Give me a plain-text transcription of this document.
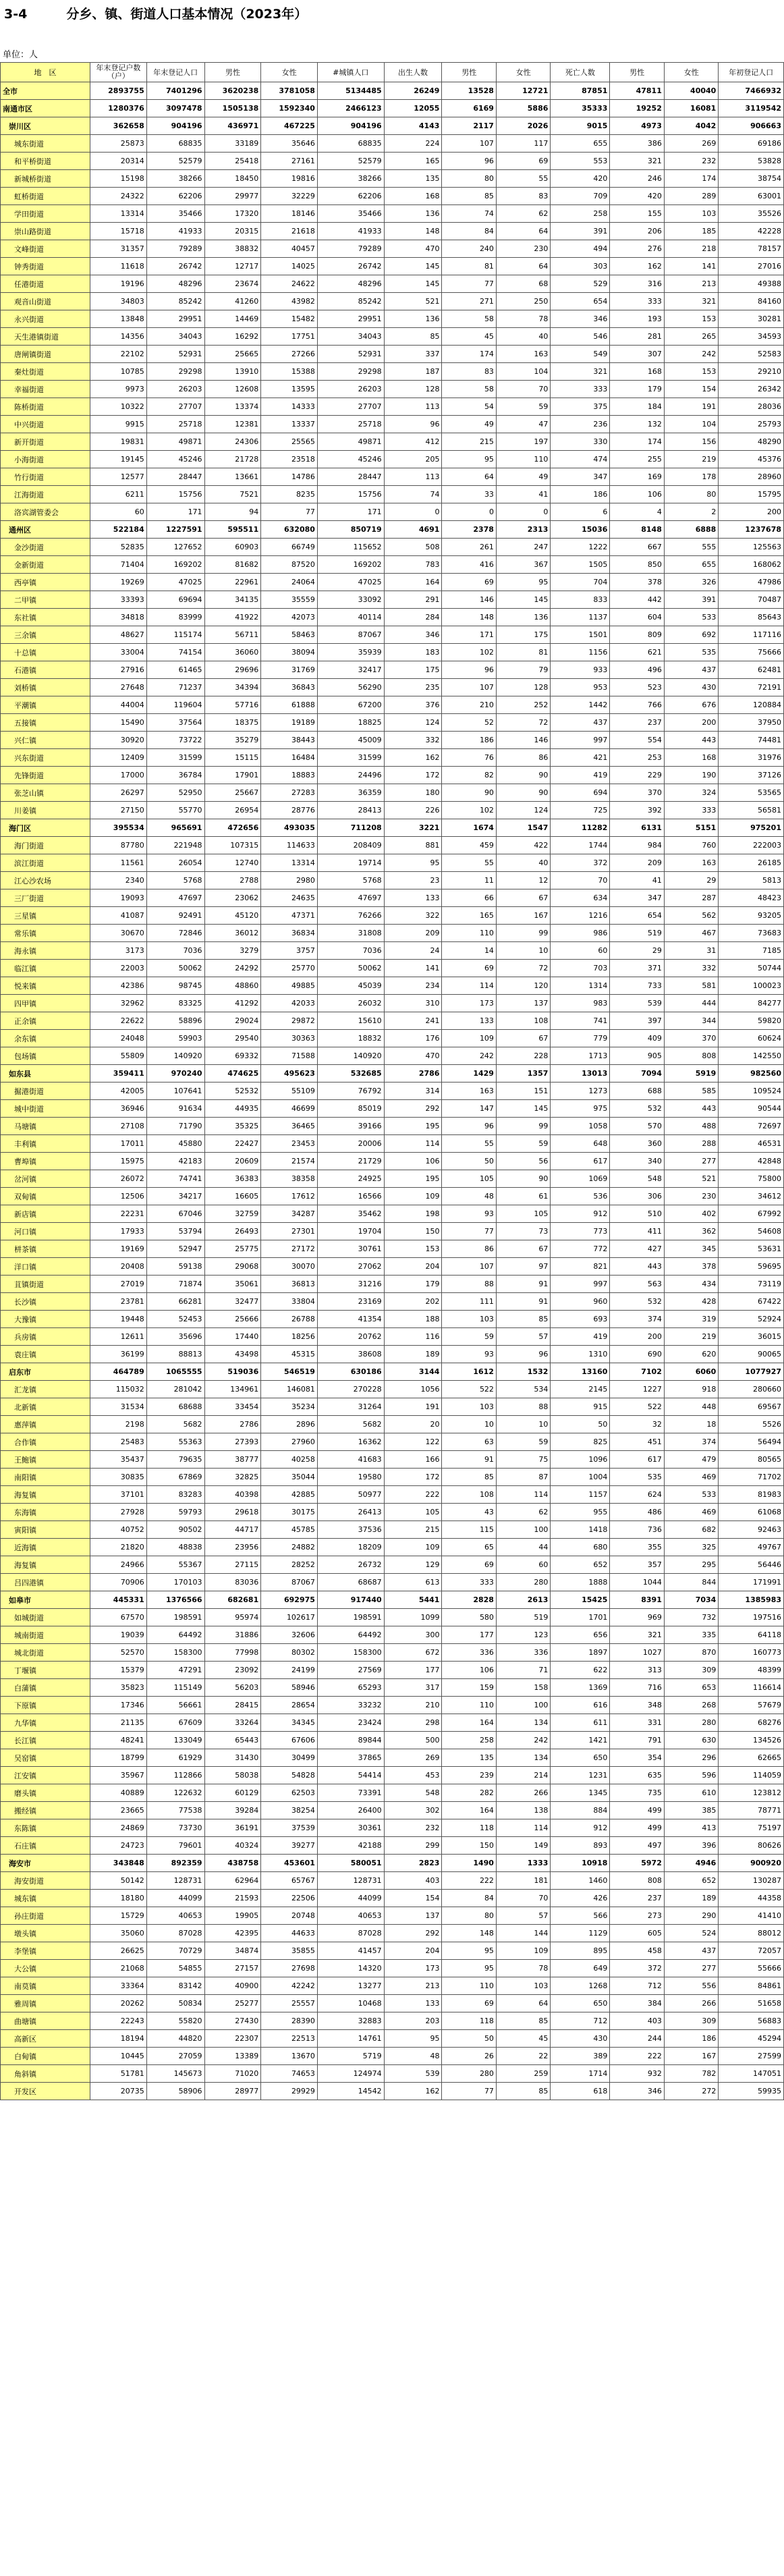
3-4	分乡、镇、街道人口基本情况（2023年）
单位：人
地　区	年末登记户数（户）	年末登记人口	男性	女性	#城镇人口	出生人数	男性	女性	死亡人数	男性	女性	年初登记人口

全市	2893755	7401296	3620238	3781058	5134485	26249	13528	12721	87851	47811	40040	7466932
南通市区	1280376	3097478	1505138	1592340	2466123	12055	6169	5886	35333	19252	16081	3119542
崇川区	362658	904196	436971	467225	904196	4143	2117	2026	9015	4973	4042	906663
城东街道	25873	68835	33189	35646	68835	224	107	117	655	386	269	69186
和平桥街道	20314	52579	25418	27161	52579	165	96	69	553	321	232	53828
新城桥街道	15198	38266	18450	19816	38266	135	80	55	420	246	174	38754
虹桥街道	24322	62206	29977	32229	62206	168	85	83	709	420	289	63001
学田街道	13314	35466	17320	18146	35466	136	74	62	258	155	103	35526
崇山路街道	15718	41933	20315	21618	41933	148	84	64	391	206	185	42228
文峰街道	31357	79289	38832	40457	79289	470	240	230	494	276	218	78157
钟秀街道	11618	26742	12717	14025	26742	145	81	64	303	162	141	27016
任港街道	19196	48296	23674	24622	48296	145	77	68	529	316	213	49388
观音山街道	34803	85242	41260	43982	85242	521	271	250	654	333	321	84160
永兴街道	13848	29951	14469	15482	29951	136	58	78	346	193	153	30281
天生港镇街道	14356	34043	16292	17751	34043	85	45	40	546	281	265	34593
唐闸镇街道	22102	52931	25665	27266	52931	337	174	163	549	307	242	52583
秦灶街道	10785	29298	13910	15388	29298	187	83	104	321	168	153	29210
幸福街道	9973	26203	12608	13595	26203	128	58	70	333	179	154	26342
陈桥街道	10322	27707	13374	14333	27707	113	54	59	375	184	191	28036
中兴街道	9915	25718	12381	13337	25718	96	49	47	236	132	104	25793
新开街道	19831	49871	24306	25565	49871	412	215	197	330	174	156	48290
小海街道	19145	45246	21728	23518	45246	205	95	110	474	255	219	45376
竹行街道	12577	28447	13661	14786	28447	113	64	49	347	169	178	28960
江海街道	6211	15756	7521	8235	15756	74	33	41	186	106	80	15795
洛宾湖管委会	60	171	94	77	171	0	0	0	6	4	2	200
通州区	522184	1227591	595511	632080	850719	4691	2378	2313	15036	8148	6888	1237678
金沙街道	52835	127652	60903	66749	115652	508	261	247	1222	667	555	125563
金新街道	71404	169202	81682	87520	169202	783	416	367	1505	850	655	168062
西亭镇	19269	47025	22961	24064	47025	164	69	95	704	378	326	47986
二甲镇	33393	69694	34135	35559	33092	291	146	145	833	442	391	70487
东社镇	34818	83999	41922	42073	40114	284	148	136	1137	604	533	85643
三余镇	48627	115174	56711	58463	87067	346	171	175	1501	809	692	117116
十总镇	33004	74154	36060	38094	35939	183	102	81	1156	621	535	75666
石港镇	27916	61465	29696	31769	32417	175	96	79	933	496	437	62481
刘桥镇	27648	71237	34394	36843	56290	235	107	128	953	523	430	72191
平潮镇	44004	119604	57716	61888	67200	376	210	252	1442	766	676	120884
五接镇	15490	37564	18375	19189	18825	124	52	72	437	237	200	37950
兴仁镇	30920	73722	35279	38443	45009	332	186	146	997	554	443	74481
兴东街道	12409	31599	15115	16484	31599	162	76	86	421	253	168	31976
先锋街道	17000	36784	17901	18883	24496	172	82	90	419	229	190	37126
张芝山镇	26297	52950	25667	27283	36359	180	90	90	694	370	324	53565
川姜镇	27150	55770	26954	28776	28413	226	102	124	725	392	333	56581
海门区	395534	965691	472656	493035	711208	3221	1674	1547	11282	6131	5151	975201
海门街道	87780	221948	107315	114633	208409	881	459	422	1744	984	760	222003
滨江街道	11561	26054	12740	13314	19714	95	55	40	372	209	163	26185
江心沙农场	2340	5768	2788	2980	5768	23	11	12	70	41	29	5813
三厂街道	19093	47697	23062	24635	47697	133	66	67	634	347	287	48423
三星镇	41087	92491	45120	47371	76266	322	165	167	1216	654	562	93205
常乐镇	30670	72846	36012	36834	31808	209	110	99	986	519	467	73683
海永镇	3173	7036	3279	3757	7036	24	14	10	60	29	31	7185
临江镇	22003	50062	24292	25770	50062	141	69	72	703	371	332	50744
悦来镇	42386	98745	48860	49885	45039	234	114	120	1314	733	581	100023
四甲镇	32962	83325	41292	42033	26032	310	173	137	983	539	444	84277
正余镇	22622	58896	29024	29872	15610	241	133	108	741	397	344	59820
余东镇	24048	59903	29540	30363	18832	176	109	67	779	409	370	60624
包场镇	55809	140920	69332	71588	140920	470	242	228	1713	905	808	142550
如东县	359411	970240	474625	495623	532685	2786	1429	1357	13013	7094	5919	982560
掘港街道	42005	107641	52532	55109	76792	314	163	151	1273	688	585	109524
城中街道	36946	91634	44935	46699	85019	292	147	145	975	532	443	90544
马塘镇	27108	71790	35325	36465	39166	195	96	99	1058	570	488	72697
丰利镇	17011	45880	22427	23453	20006	114	55	59	648	360	288	46531
曹埠镇	15975	42183	20609	21574	21729	106	50	56	617	340	277	42848
岔河镇	26072	74741	36383	38358	24925	195	105	90	1069	548	521	75800
双甸镇	12506	34217	16605	17612	16566	109	48	61	536	306	230	34612
新店镇	22231	67046	32759	34287	35462	198	93	105	912	510	402	67992
河口镇	17933	53794	26493	27301	19704	150	77	73	773	411	362	54608
栟茶镇	19169	52947	25775	27172	30761	153	86	67	772	427	345	53631
洋口镇	20408	59138	29068	30070	27062	204	107	97	821	443	378	59695
苴镇街道	27019	71874	35061	36813	31216	179	88	91	997	563	434	73119
长沙镇	23781	66281	32477	33804	23169	202	111	91	960	532	428	67422
大豫镇	19448	52453	25666	26788	41354	188	103	85	693	374	319	52924
兵房镇	12611	35696	17440	18256	20762	116	59	57	419	200	219	36015
袁庄镇	36199	88813	43498	45315	38608	189	93	96	1310	690	620	90065
启东市	464789	1065555	519036	546519	630186	3144	1612	1532	13160	7102	6060	1077927
汇龙镇	115032	281042	134961	146081	270228	1056	522	534	2145	1227	918	280660
北新镇	31534	68688	33454	35234	31264	191	103	88	915	522	448	69567
惠萍镇	2198	5682	2786	2896	5682	20	10	10	50	32	18	5526
合作镇	25483	55363	27393	27960	16362	122	63	59	825	451	374	56494
王鲍镇	35437	79635	38777	40258	41683	166	91	75	1096	617	479	80565
南阳镇	30835	67869	32825	35044	19580	172	85	87	1004	535	469	71702
海复镇	37101	83283	40398	42885	50977	222	108	114	1157	624	533	81983
东海镇	27928	59793	29618	30175	26413	105	43	62	955	486	469	61068
寅阳镇	40752	90502	44717	45785	37536	215	115	100	1418	736	682	92463
近海镇	21820	48838	23956	24882	18209	109	65	44	680	355	325	49767
海复镇	24966	55367	27115	28252	26732	129	69	60	652	357	295	56446
吕四港镇	70906	170103	83036	87067	68687	613	333	280	1888	1044	844	171991
如皋市	445331	1376566	682681	692975	917440	5441	2828	2613	15425	8391	7034	1385983
如城街道	67570	198591	95974	102617	198591	1099	580	519	1701	969	732	197516
城南街道	19039	64492	31886	32606	64492	300	177	123	656	321	335	64118
城北街道	52570	158300	77998	80302	158300	672	336	336	1897	1027	870	160773
丁堰镇	15379	47291	23092	24199	27569	177	106	71	622	313	309	48399
白蒲镇	35823	115149	56203	58946	65293	317	159	158	1369	716	653	116614
下原镇	17346	56661	28415	28654	33232	210	110	100	616	348	268	57679
九华镇	21135	67609	33264	34345	23424	298	164	134	611	331	280	68276
长江镇	48241	133049	65443	67606	89844	500	258	242	1421	791	630	134526
吴窑镇	18799	61929	31430	30499	37865	269	135	134	650	354	296	62665
江安镇	35967	112866	58038	54828	54414	453	239	214	1231	635	596	114059
磨头镇	40889	122632	60129	62503	73391	548	282	266	1345	735	610	123812
搬经镇	23665	77538	39284	38254	26400	302	164	138	884	499	385	78771
东陈镇	24869	73730	36191	37539	30361	232	118	114	912	499	413	75197
石庄镇	24723	79601	40324	39277	42188	299	150	149	893	497	396	80626
海安市	343848	892359	438758	453601	580051	2823	1490	1333	10918	5972	4946	900920
海安街道	50142	128731	62964	65767	128731	403	222	181	1460	808	652	130287
城东镇	18180	44099	21593	22506	44099	154	84	70	426	237	189	44358
孙庄街道	15729	40653	19905	20748	40653	137	80	57	566	273	290	41410
墩头镇	35060	87028	42395	44633	87028	292	148	144	1129	605	524	88012
李堡镇	26625	70729	34874	35855	41457	204	95	109	895	458	437	72057
大公镇	21068	54855	27157	27698	14320	173	95	78	649	372	277	55666
南莫镇	33364	83142	40900	42242	13277	213	110	103	1268	712	556	84861
雅周镇	20262	50834	25277	25557	10468	133	69	64	650	384	266	51658
曲塘镇	22243	55820	27430	28390	32883	203	118	85	712	403	309	56883
高新区	18194	44820	22307	22513	14761	95	50	45	430	244	186	45294
白甸镇	10445	27059	13389	13670	5719	48	26	22	389	222	167	27599
角斜镇	51781	145673	71020	74653	124974	539	280	259	1714	932	782	147051
开发区	20735	58906	28977	29929	14542	162	77	85	618	346	272	59935
